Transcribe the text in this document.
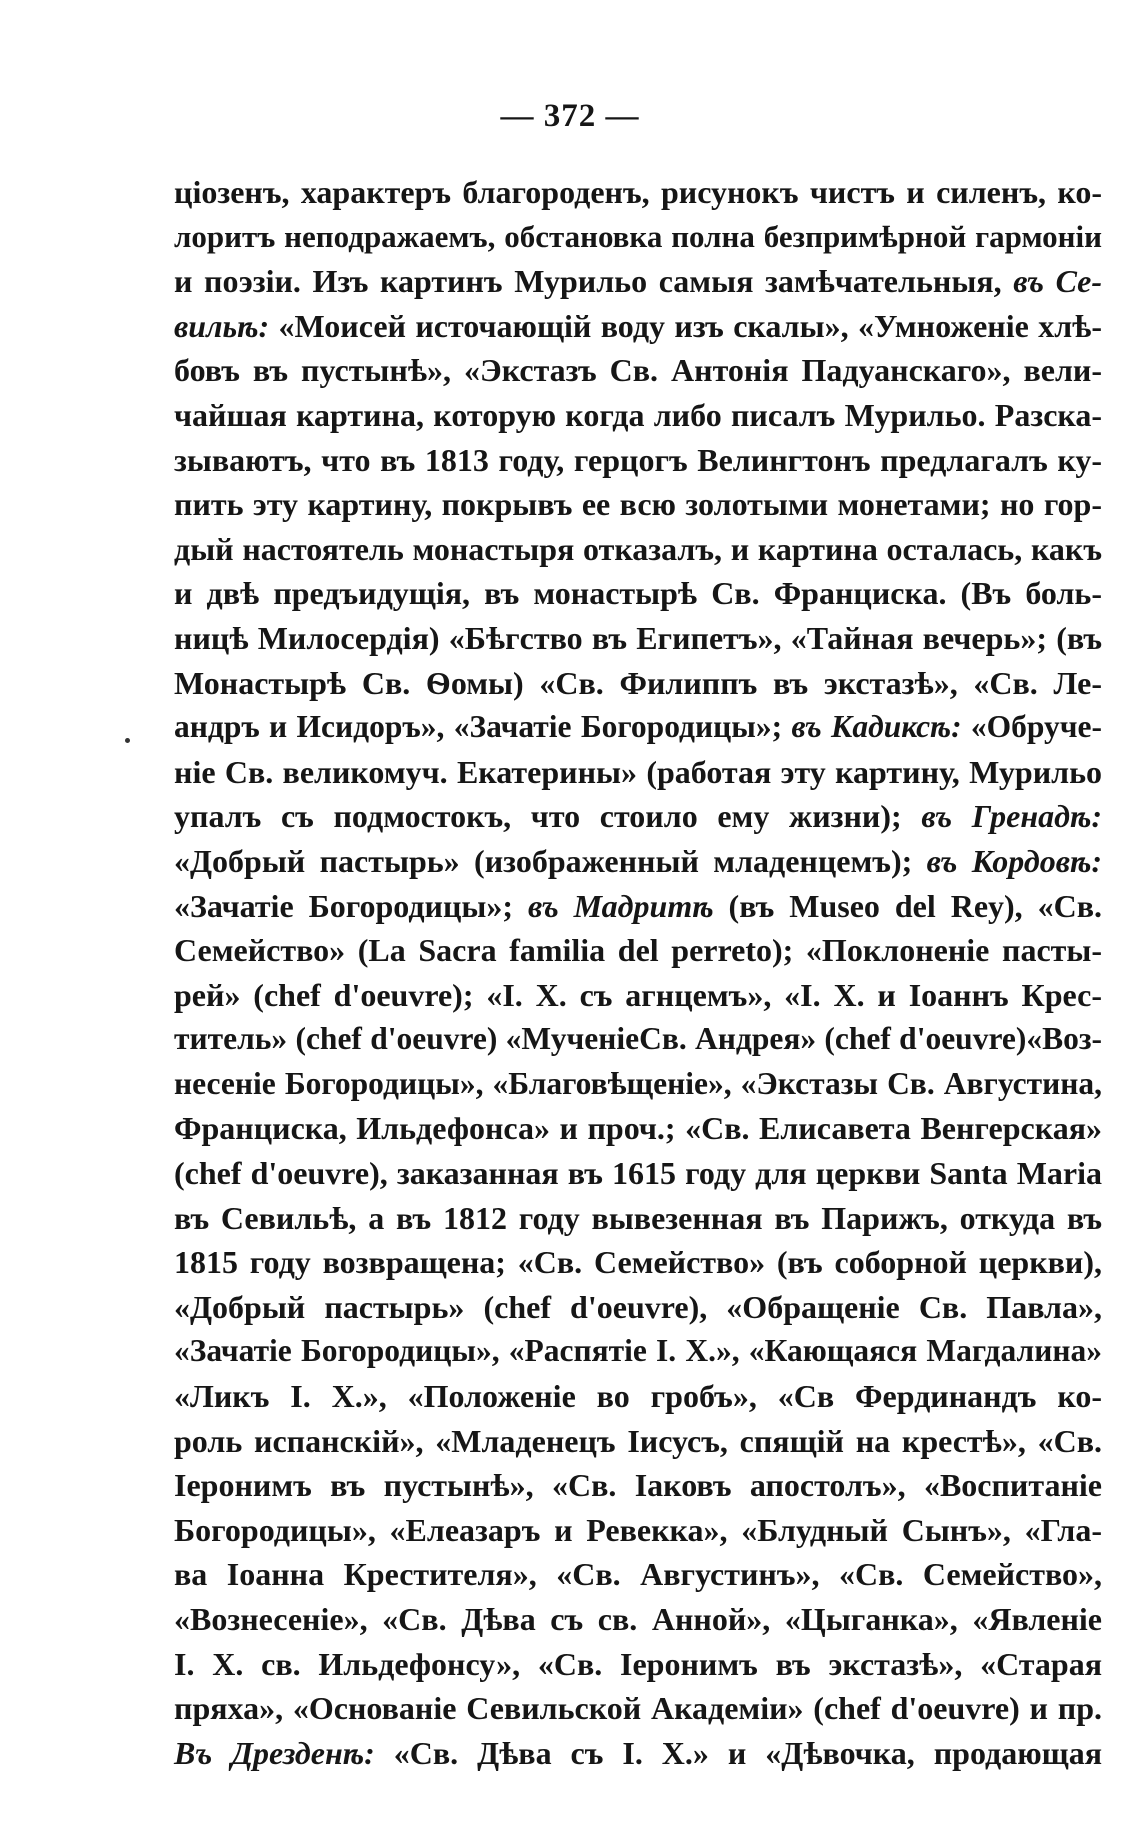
— 372 —
ціозенъ, характеръ благороденъ, рисунокъ чистъ и силенъ, ко-
лоритъ неподражаемъ, обстановка полна безпримѣрной гармоніи
и поэзіи. Изъ картинъ Мурильо самыя замѣчательныя, въ Се-
вильѣ: «Моисей источающій воду изъ скалы», «Умноженіе хлѣ-
бовъ въ пустынѣ», «Экстазъ Св. Антонія Падуанскаго», вели-
чайшая картина, которую когда либо писалъ Мурильо. Разска-
зываютъ, что въ 1813 году, герцогъ Велингтонъ предлагалъ ку-
пить эту картину, покрывъ ее всю золотыми монетами; но гор-
дый настоятель монастыря отказалъ, и картина осталась, какъ
и двѣ предъидущія, въ монастырѣ Св. Франциска. (Въ боль-
ницѣ Милосердія) «Бѣгство въ Египетъ», «Тайная вечерь»; (въ
Монастырѣ Св. Ѳомы) «Св. Филиппъ въ экстазѣ», «Св. Ле-
андръ и Исидоръ», «Зачатіе Богородицы»; въ Кадиксѣ: «Обруче-
ніе Св. великомуч. Екатерины» (работая эту картину, Мурильо
упалъ съ подмостокъ, что стоило ему жизни); въ Гренадѣ:
«Добрый пастырь» (изображенный младенцемъ); въ Кордовѣ:
«Зачатіе Богородицы»; въ Мадритѣ (въ Museo del Rey), «Св.
Семейство» (La Sacra familia del perreto); «Поклоненіе пасты-
рей» (chef d'oeuvre); «I. X. съ агнцемъ», «I. X. и Іоаннъ Крес-
титель» (chef d'oeuvre) «МученіеСв. Андрея» (chef d'oeuvre)«Воз-
несеніе Богородицы», «Благовѣщеніе», «Экстазы Св. Августина,
Франциска, Ильдефонса» и проч.; «Св. Елисавета Венгерская»
(chef d'oeuvre), заказанная въ 1615 году для церкви Santa Maria
въ Севильѣ, а въ 1812 году вывезенная въ Парижъ, откуда въ
1815 году возвращена; «Св. Семейство» (въ соборной церкви),
«Добрый пастырь» (chef d'oeuvre), «Обращеніе Св. Павла»,
«Зачатіе Богородицы», «Распятіе I. X.», «Кающаяся Магдалина»
«Ликъ I. X.», «Положеніе во гробъ», «Св Фердинандъ ко-
роль испанскій», «Младенецъ Іисусъ, спящій на крестѣ», «Св.
Іеронимъ въ пустынѣ», «Св. Іаковъ апостолъ», «Воспитаніе
Богородицы», «Елеазаръ и Ревекка», «Блудный Сынъ», «Гла-
ва Іоанна Крестителя», «Св. Августинъ», «Св. Семейство»,
«Вознесеніе», «Св. Дѣва съ св. Анной», «Цыганка», «Явленіе
I. X. св. Ильдефонсу», «Св. Іеронимъ въ экстазѣ», «Старая
пряха», «Основаніе Севильской Академіи» (chef d'oeuvre) и пр.
Въ Дрезденѣ: «Св. Дѣва съ I. X.» и «Дѣвочка, продающая
